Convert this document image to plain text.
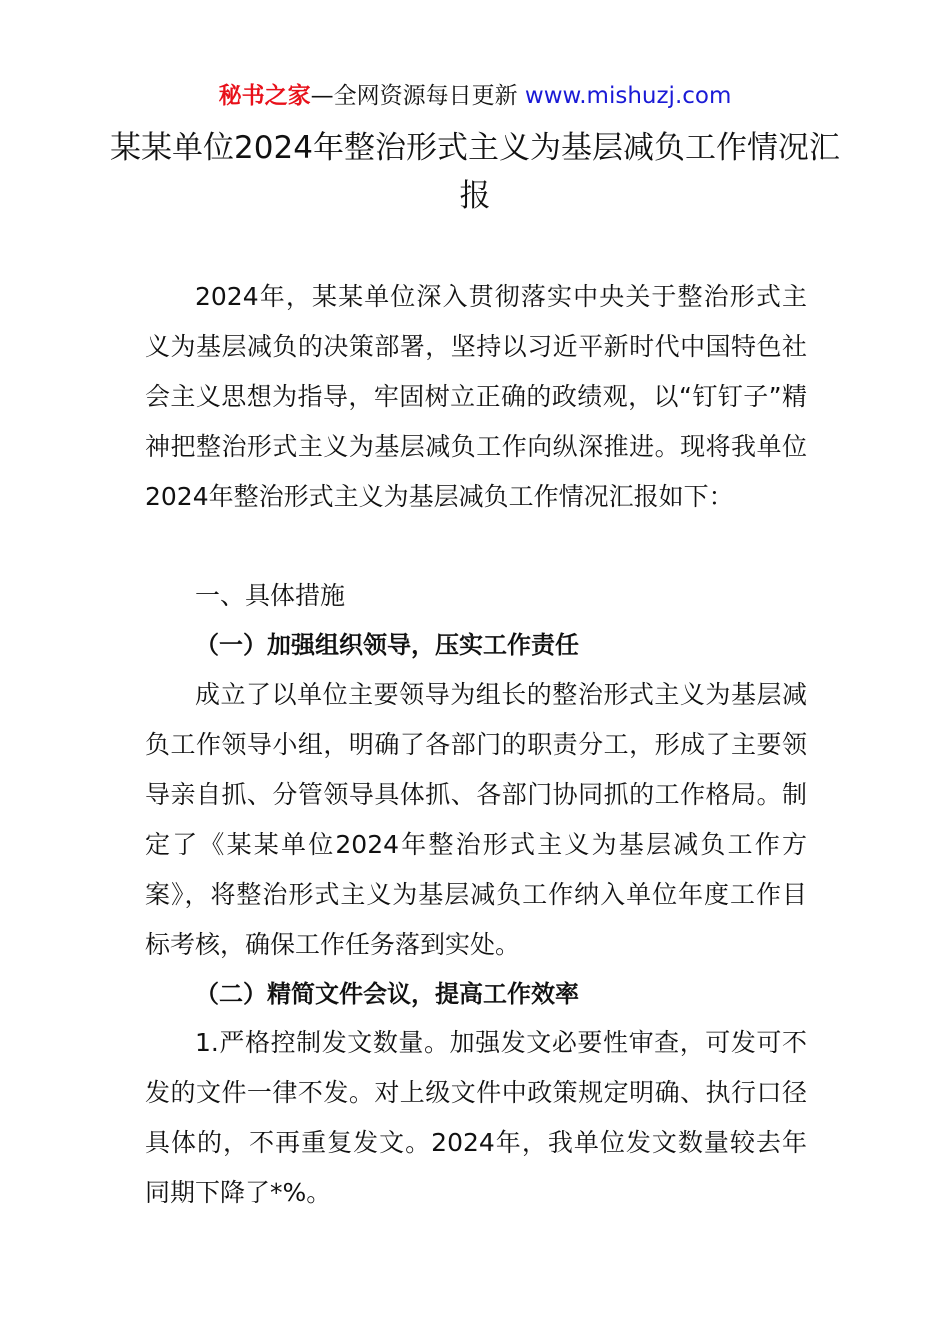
秘书之家—全网资源每日更新 www.mishuzj.com
某某单位2024年整治形式主义为基层减负工作情况汇报

2024年，某某单位深入贯彻落实中央关于整治形式主义为基层减负的决策部署，坚持以习近平新时代中国特色社会主义思想为指导，牢固树立正确的政绩观，以“钉钉子”精神把整治形式主义为基层减负工作向纵深推进。现将我单位2024年整治形式主义为基层减负工作情况汇报如下：

一、具体措施

（一）加强组织领导，压实工作责任

成立了以单位主要领导为组长的整治形式主义为基层减负工作领导小组，明确了各部门的职责分工，形成了主要领导亲自抓、分管领导具体抓、各部门协同抓的工作格局。制定了《某某单位2024年整治形式主义为基层减负工作方案》，将整治形式主义为基层减负工作纳入单位年度工作目标考核，确保工作任务落到实处。

（二）精简文件会议，提高工作效率

1.严格控制发文数量。加强发文必要性审查，可发可不发的文件一律不发。对上级文件中政策规定明确、执行口径具体的，不再重复发文。2024年，我单位发文数量较去年同期下降了*%。
